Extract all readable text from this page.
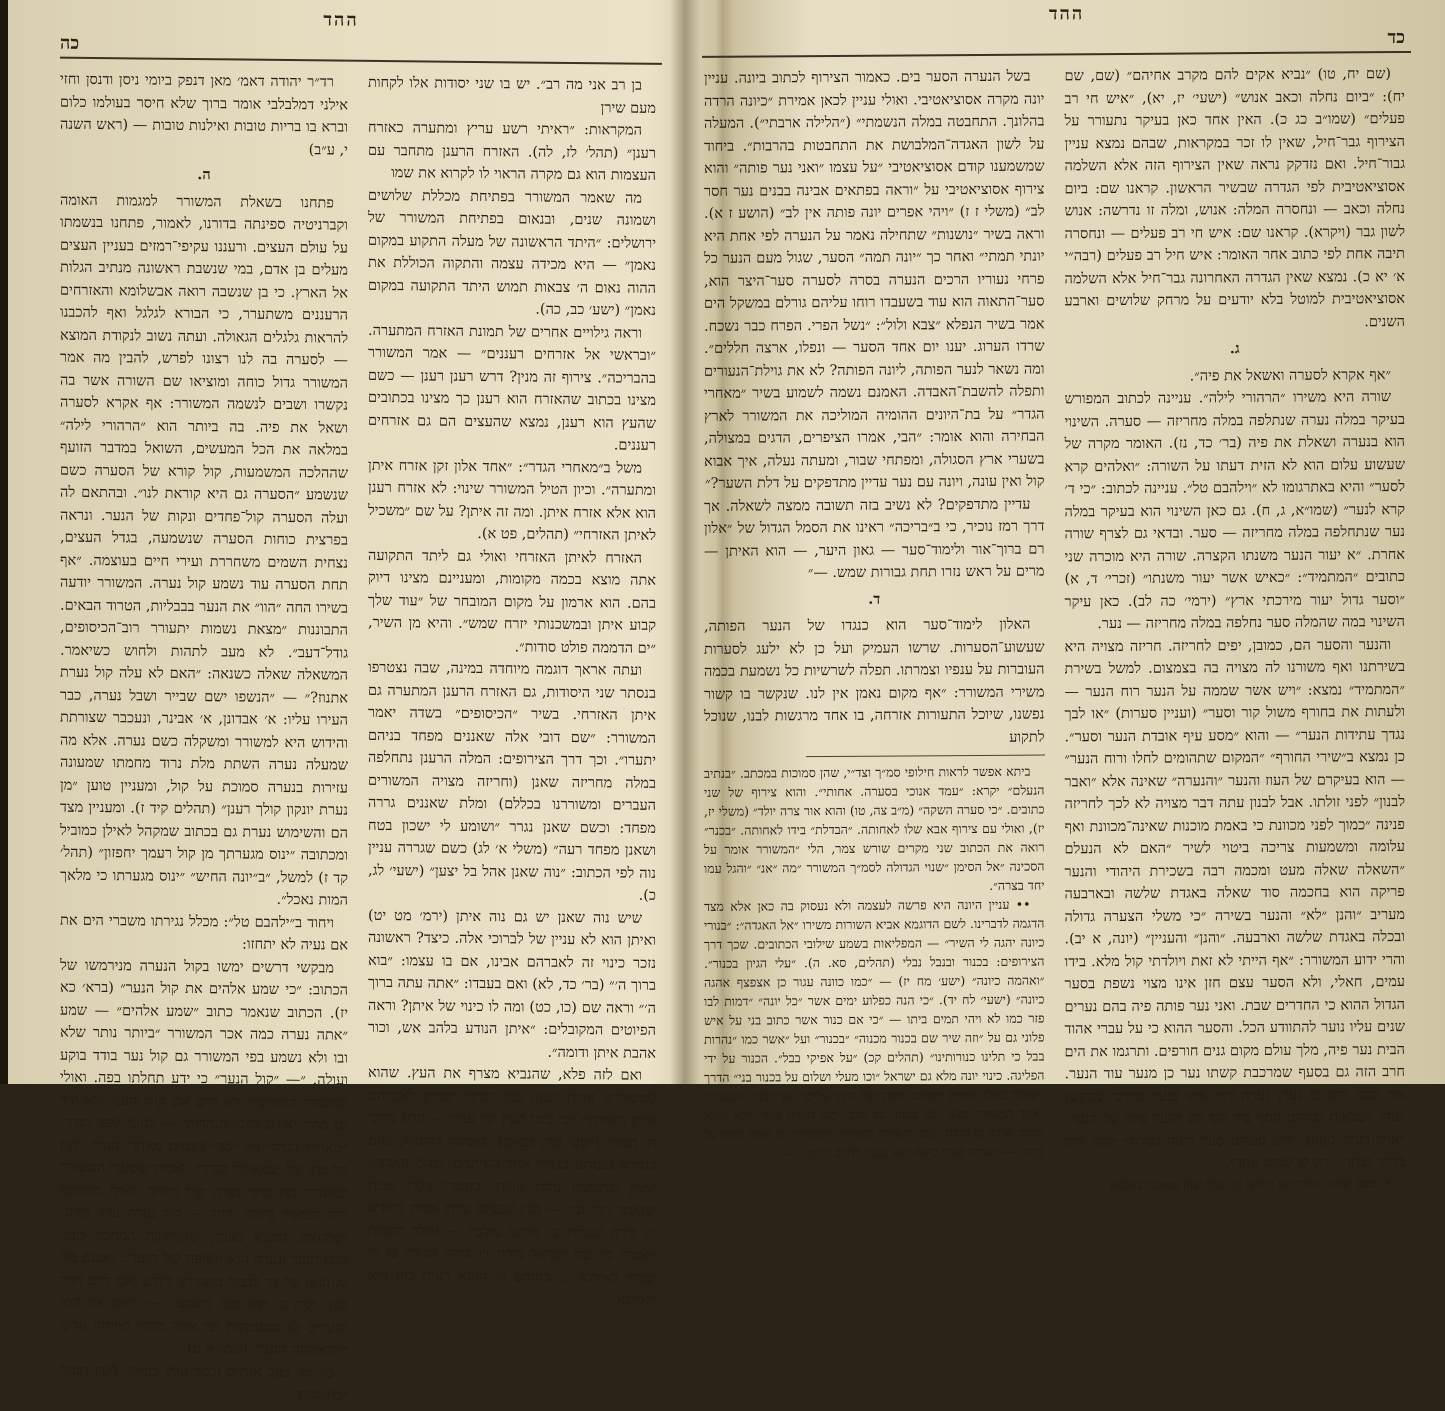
ההד
כה

בן רב אני מה רב״. יש בו שני יסודות אלו לקחות מעם שירן

המקראות: ״ראיתי רשע עריץ ומתערה כאזרח רענן״ (תהל׳ לז, לה). האזרח הרענן מתחבר עם העצמות הוא גם מקרה הראוי לו לקרוא את שמו

מה שאמר המשורר בפתיחת מכללת שלושים ושמונה שנים, ובנאום בפתיחת המשורר של ירושלים: ״היתד הראשונה של מעלה התקוע במקום נאמן״ — היא מכידה עצמה והתקוה הכוללת את ההוה נאום ה׳ צבאות תמוש היתד התקועה במקום נאמן״ (ישע׳ כב, כה).

וראה גילויים אחרים של תמונת האזרח המתערה. ״ובראשי אל אזרחים רעננים״ — אמר המשורר בהבריכה״. צירוף זה מנין? דרש רענן רענן — כשם מצינו בכתוב שהאזרח הוא רענן כך מצינו בכתובים שהעץ הוא רענן, נמצא שהעצים הם גם אזרחים רעננים.

משל ב״מאחרי הגדר״: ״אחד אלון זקן אזרח איתן ומתערה״. וכיון הטיל המשורר שינוי: לא אזרח רענן הוא אלא אזרח איתן. ומה זה איתן? על שם ״משכיל לאיתן האזרחי״ (תהלים, פט א).

האזרח לאיתן האזרחי ואולי גם ליתד התקועה אתה מוצא בכמה מקומות, ומעניינם מצינו דיוק בהם. הוא ארמון על מקום המובחר של ״עוד שלך קבוע איתן ובמשכנותי יזרח שמש״. והיא מן השיר, ״ים הדממה פולט סודות״.

ועתה אראך דוגמה מיוחדה במינה, שבה נצטרפו בנסתר שני היסודות, גם האזרח הרענן המתערה גם איתן האזרחי. בשיר ״הכיסופים״ בשדה יאמר המשורר: ״שם דובי אלה שאננים מפחד בניהם יתערו״. וכך דרך הצירופים: המלה הרענן נתחלפה במלה מחריזה שאנן (וחריזה מצויה המשורים העברים ומשוררנו בכללם) ומלת שאננים גררה מפחד: וכשם שאנן נגרר ״ושומע לי ישכון בטח ושאנן מפחד רעה״ (משלי א׳ לג) כשם שגררה עניין נוה לפי הכתוב: ״נוה שאנן אהל בל יצען״ (ישעי׳ לג, כ).

שיש נוה שאנן יש גם נוה איתן (ירמ׳ מט יט) ואיתן הוא לא עניין של לברוכי אלה. כיצד? ראשונה נזכר כינוי זה לאברהם אבינו, אם בו עצמו: ״בוא ברוך ה׳״ (בר׳ כד, לא) ואם בעבדו: ״אתה עתה ברוך ה׳״ וראה שם (כו, כט) ומה לו כינוי של איתן? וראה הפיוטים המקובלים: ״איתן הנודע בלהב אש, וכור אהבת איתן ודומה״.

ואם לזה פלא, שהנביא מצרף את העץ. שהוא למשוררנו אזרח רענן, כמו הכינוי שניתן לאברהם איתן האזרחי: ״כי כימי העץ ימי עמי״ — וזרע ברוכי ה׳ המה״ (ישע׳ סה, כב-כג). ואפשר להוסיף, שגם בגמרא נצטרפו בצרוף אחד האיתנים. שהם האבות: ״מנין שתבשרו נולדו אבות, בתשרי נולדו אבות שנאמר ויהי וכו׳ — מנין שבניסן נולדו אבות בחודש זיו בירח שנולדו בו איתני עולם״ — ונולד האבות ויאמרו כו׳ של ישראל בירח זיו בירח שנולד בו זיו שבתי לאילנא ... בחודש זיו ההוא דאית ביה זיוא לאילנא

רד״ר יהודה דאמ׳ מאן דנפק ביומי ניסן ודנסן וחזי אילני דמלבלבי אומר ברוך שלא חיסר בעולמו כלום וברא בו בריות טובות ואילנות טובות — (ראש השנה י, ע״ב)

ה.

פתחנו בשאלת המשורר למגמות האומה וקברניטיה ספינתה בדורנו, לאמור, פתחנו בנשמתו על עולם העצים. ורעננו עקיפי־רמזים בעניין העצים מעלים בן אדם, במי שנשבת ראשונה מנתיב הגלות אל הארץ. כי בן שנשבה רואה אבשלומא והאזרחים הרעננים משתערר, כי הבורא לגלגל ואף להכבנו להראות גלגלים הגאולה. ועתה נשוב לנקודת המוצא — לסערה בה לנו רצונו לפרש, להבין מה אמר המשורר גדול כוחה ומוציאו שם השורה אשר בה נקשרו ושבים לנשמה המשורר: אף אקרא לסערה ושאל את פיה. בה ביותר הוא ״הרהורי לילה״ במלאה את הכל המעשים, השואל במדבר הזועף שההלכה המשמעות, קול קורא של הסערה כשם שנשמע ״הסערה גם היא קוראת לנו״. ובהתאם לה ועלה הסערה קול־פחדים ונקות של הנער. ונראה בפרצית כוחות הסערה שנשמעה, בגדל העצים, נצחית השמים משחררת ועירי חיים בעוצמה. ״אף תחת הסערה עוד נשמע קול נערה. המשורר יודעה בשירו החה ״הוו״ את הנער בבבליות, הטרוד הבאים. התבוננות ״מצאת נשמות יתעורר רוב־הכיסופים, גודל־דעב״. לא מעב לתהות ולחוש כשיאמר. המשאלה שאלה כשנאה: ״האם לא עלה קול נערת אתנוז?״ — ״הנשפו ישם שבייר ושבל נערה, כבר העירו עליו: א׳ אבדונן, א׳ אבינר, ונעכבר שצורתת והידוש היא למשורר ומשקלה כשם נערה. אלא מה שמעלה נערה השתת מלת נרוד מחמתו שמעונה עזירות בנערה סמוכת על קול, ומעניין טוען ״מן נערת יונקון קולך רענן״ (תהלים קיד ז). ומעניין מצד הם והשימוש נערת גם בכתוב שמקהל לאילן כמוביל ומכתובה ״ינוס מגערתך מן קול רעמך יחפזון״ (תהל׳ קד ז) למשל, ״ב״יונה החיש״ ״ינוס מגערתו כי מלאך המות נאכל״.

ויחוד ב״ילהבם טל״: מכלל נגירתו משברי הים את אם נעיה לא יתחזו:

מבקשי דרשים ימשו בקול הנערה מנירמשו של הכתוב: ״כי שמע אלהים את קול הנער״ (ברא׳ כא יז). הכתוב שנאמר כתוב ״שמע אלהים״ — שמע ״אתה נערה כמה אכר המשורר ״ביותר נותר שלא ובו ולא נשמע בפי המשורר גם קול נער בודד בוקע ועולה. ״— ״קול הנער״ כי ידע תחלתו בפה. ואולי המשורר החמישיר לא יודע אם קולו הנער ולא ירד גם מהר ״אולם ביומן הנהרות״ — לחבר לפני הגדר. ״מאחרי הגדר״ היו ״סך״ בעמים מאחרי הגדר. יחת מר בתו של ״במאחרי הגדר״. יאמרו ששערי המשורר למשורר מה בחר נערה קול מיוחד. וצולו מסתעף היה הביאור ביותר. רחל — קול נערה עליו בידה, ישמעאל, ונמצא כאבר, שהכתיבה המחבר לומר לבבו הנער ונערה הוא ״ואיפה קול הנער״: ואבנם מה זה הוא, על צר לבבור משוררנו ליודע ואם ליום הדר מכן. ״מה כי הוא נער כשמע״. — ״האן אנו הוא הנערים לנו ממעמקות ״מי אתה מהר״ ואיתהו אלינו ״הראשונה הנער״ (שמו״א ט)

כו׳ ״ה׳ בעל אנתים ובמר עליו בעיקר לשון הנער ״בתוספת״

ההד
כד

(שם יח, טו) ״נביא אקים להם מקרב אחיהם״ (שם, שם יח): ״ביום נחלה וכאב אנוש״ (ישעי׳ יז, יא), ״איש חי רב פעלים״ (שמו״ב כג כ). האין אחד כאן בעיקר נתעורר על הצירוף גבר־חיל, שאין לו זכר במקראות, שבהם נמצא עניין גבור־חיל. ואם נזדקק נראה שאין הצירוף הזה אלא השלמה אסוציאטיבית לפי הגדרה שבשיר הראשון. קראנו שם: ביום נחלה וכאב — ונחסרה המלה: אנוש, ומלה זו נדרשה: אנוש לשון גבר (ויקרא). קראנו שם: איש חי רב פעלים — ונחסרה תיבה אחת לפי כתוב אחר האומר: איש חיל רב פעלים (רבה״י א׳ יא כ). נמצא שאין הגדרה האחרונה גבר־חיל אלא השלמה אסוציאטיבית למוטל בלא יודעים על מרחק שלושים וארבע השנים.

ג.

״אף אקרא לסערה ואשאל את פיה״.

שורה היא משירו ״הרהורי לילה״. עניינה לכתוב המפורש בעיקר במלה נערה שנתלפה במלה מחריזה — סערה. השינוי הוא בנערה ושאלת את פיה (בר׳ כד, נז). האומר מקרה של שעשוע עלום הוא לא הזית דעתו על השורה: ״ואלהים קרא לסער״ והיא באתרגומו לא ״וילהבם טל״. עניינה לכתוב: ״כי ד׳ קרא לנער״ (שמו״א, ג, ח). גם כאן השינוי הוא בעיקר במלה נער שנתחלפה במלה מחריזה — סער. ובדאי גם לצרף שורה אחרת. ״א יעור הנער משנתו הקצרה. שורה היא מוכרה שני כתובים ״המתמיד״: ״כאיש אשר יעור משנתו״ (זכרי׳ ד, א) ״וסער גדול יעור מירכתי ארץ״ (ירמי׳ כה לב). כאן עיקר השינוי במה שהמלה סער נחלפה במלה מחריזה — נער.

והנער והסער הם, כמובן, יפים לחריזה. חריזה מצויה היא בשירתנו ואף משורנו לה מצויה בה בצמצום. למשל בשירת ״המתמיד״ נמצא: ״ויש אשר שממה על הנער רוח הנער — ולעתות את בחורף משול קור וסער״ (ועניין סערות) ״או לבך נגדך עתידות הנער״ — והוא ״מסע עיף אובדת הנער וסער״. כן נמצא ב״שירי החורף״ ״המקום שתהומים לחלו ורוח הנער״ — הוא בעיקרם של העוז והנער ״והנערה״ שאינה אלא ״ואבר לבנון״ לפני זולתו. אבל לבנון עתה דבר מצויה לא לכך לחריזה פנינה ״כמוך לפני מכוונת כי באמת מוכנות שאינה־מכוונת ואף עלומה ומשמעות צריכה ביטוי לשיר ״האם לא הנעלם ״השאלה שאלה מעט ומכמה רבה בשכירת היהודי והנער פריקה הוא בחכמה סוד שאלה באגדת שלשה ובארבעה מעריב ״והנן ״לא״ והנער בשירה ״כי משלי הצערה גדולה ובכלה באגדת שלשה וארבעה. ״והנן״ והעניין״ (יונה, א יב). והרי ידוע המשורר: ״אף הייתי לא זאת ויולדתי קול מלא. בידו עמים, חאלי, ולא הסער עצם חזן אינו מצוי נשפת בסער הגדול ההוא כי החדרים שבת. ואני נער פותה פיה בהם נערים שנים עליו נוער להתוודע הכל. והסער ההוא כי על עברי אהוד הבית נער פיה, מלך עולם מקום גנים חורפים. ותרגמו את הים חרב הזה גם בסעף שמרכבת קשתו נער כן מנער עוד הנער. את לבבי הינו בו נער, נערה דמי אתו בנער מרדכי מבקש: ״עד״ ״שבאות גבוהים הסף ביד הם הם הנער עלה על הנער, ״אולי דער״ מעוגן. ״ויש ספרים סער ורעה גבולת״ ״גלת היה בדרך נצחך״ ״רק קו שמש אחד״.

• וכשם שאנו רואים כאן חילופי נון וסמך שהן סמוכות באלפא

בשל הנערה הסער בים. כאמור הצירוף לכתוב ביונה. עניין יונה מקרה אסוציאטיבי. ואולי עניין לכאן אמירת ״כיונה הרדה בהלונך. התחבטה במלה הנשמתי״ (״הלילה ארבתי״). המעלה על לשון האגדה־המלבושת את התחבטות בהרבות״. ביחוד שמשמענו קודם אסוציאטיבי ״על עצמו ״ואני נער פותה״ והוא צירוף אסוציאטיבי על ״וראה בפתאים אבינה בבנים נער חסר לב״ (משלי ז ז) ״ויהי אפרים יונה פותה אין לב״ (הושע ז א). וראה בשיר ״נושנות״ שתחילה נאמר על הנערה לפי אחת היא יונתי תמתי״ ואחר כך ״יונה תמה״ הסער, שגול מעם הנער כל פרחי נעוריו הרכים הנערה בסרה לסערה סער־היצר הוא, סער־התאוה הוא עוד בשעבדו רוחו עליהם גורלם במשקל הים אמר בשיר הנפלא ״צבא ולול״: ״נשל הפרי. הפרח כבר נשכח. שרדו הערוג. יענו יום אחד הסער — ונפלו, ארצה חללים״. ומה נשאר לנער הפותה, ליונה הפותה? לא את גוילת־הנעורים ותפלה להשבת־האבדה. האמנם נשמה לשמוע בשיר ״מאחרי הגדר״ על בת־היונים ההומיה המוליכה את המשורר לארץ הבחירה והוא אומר: ״הבי, אמרו הציפרים, הדגים במצולה, בשערי ארץ הסגולה, ומפתחי שבור, ומעתה נעלה, איך אבוא קול ואין עונה, ויונה עם נער עדיין מתדפקים על דלת השער?״

עדיין מתדפקים? לא נשיב בזה תשובה ממצה לשאלה. אך דרך רמז נוכיר, כי ב״בריכה״ ראינו את הסמל הגדול של ״אלון רם ברוך־אור ולימוד־סער — גאון היער, — הוא האיתן — מרים על ראש נזרו תחת גבורות שמש. —״

ד.

האלון לימוד־סער הוא כנגדו של הנער הפותה, שעשוע־הסערות. שרשו העמיק ועל כן לא ילעג לסערות העוברות על ענפיו וצמרתו. תפלה לשרשיות כל נשמעת בכמה משירי המשורר: ״אף מקום נאמן אין לנו. שנקשר בו קשור נפשנו, שיוכל התעורות אזרחה, בו אחד מרגשות לבנו, שנוכל לתקוע

ביתא אפשר לראות חילופי סמ״ך וצד״י, שהן סמוכות במכתב. ״בנתיב הנעלם״ יקרא: ״עמד אנוכי בסערה. אחותי״. והוא צירוף של שני כתובים. ״כי סערה השקה״ (מ״ב צה, טו) והוא אור צרה יולד״ (משלי יז, יז), ואולי עם צירוף אבא שלו לאחותה. ״הבדלת״ בידו לאחותה. ״בכנר״ רואה את הכתוב שני מקרים שורש צמר, הלי ״המשורר אומר על הסכינה ״אל הסימן ״שנוי הגדולה לסמ״ך המשורר ״מה ״אנ״ ״והגל עמו יחד בצרה״.

•• עניין היונה היא פרשה לעצמה ולא נעסוק בה כאן אלא מצד הדגמה לדברינו. לשם הדוגמא אביא השורות משירו ״אל האגדה״: ״בנורי כיונה יהגה לי השיר״ — המפליאות בשמע שילובי הכתובים. שכך דרך הצירופים: בכנור ובנבל נבלי (תהלים, סא. ה). ״עלי הגיון בכנור״. ״ואהמה כיונה״ (ישע׳ מח יז) — ״כמו כוונה עגור כן אצפצף אהגה כיונה״ (ישעי׳ לח יד). ״כי הנה כפלוע ימים אשר ״כל יונה״ ״דמות לבו פזר כמו לא ויהי תמים ביתו — ״כי אם כנור אשר כתוב בני על איש פלוני גם על ״וזה שיר שם בכנור מכנוה״ ״בכנור״ ועל ״אשר כמו ״נהרות בבל כי תלינו כנורותינו״ (תהלים קכ) ״על אפיקי בבל״. הכנור על ידי הפליגה. כינוי יונה מלא גם ישראל ״וכו מעלי ושלום על בכנור בני״ הדרך ״שאלה באלה עמים ״שלום ״ההה ״על הינני עלים״. אך ״בניו״ המשורר ״אמר המשורר כצא ״נהי בכנור על חרב ״כנוי הגולה אמר ״ולא נשוא נשמה שירה כן הגלה ״וגם ״והאורה בחורה״, ״לכינור״ ״כי פעמי המה על בניה״ — ״שירה כנורי כיונה הוא כנגוד לחרב היונה.״ —
